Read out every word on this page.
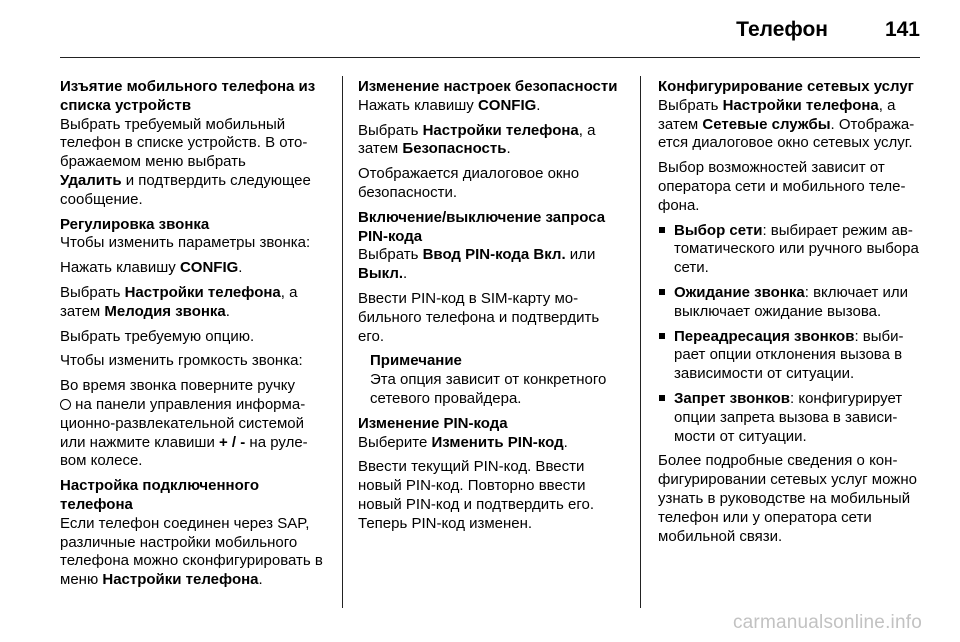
Телефон	141
Изъятие мобильного телефона из списка устройств

Выбрать требуемый мобильный телефон в списке устройств. В отображаемом меню выбрать
Удалить и подтвердить следующее сообщение.

Регулировка звонка

Чтобы изменить параметры звонка:

Нажать клавишу CONFIG.

Выбрать Настройки телефона, а затем Мелодия звонка.

Выбрать требуемую опцию.

Чтобы изменить громкость звонка:

Во время звонка поверните ручку
на панели управления информационно-развлекательной системой или нажмите клавиши + / - на рулевом колесе.

Настройка подключенного телефона

Если телефон соединен через SAP, различные настройки мобильного телефона можно сконфигурировать в меню Настройки телефона.

Изменение настроек безопасности

Нажать клавишу CONFIG.

Выбрать Настройки телефона, а затем Безопасность.

Отображается диалоговое окно безопасности.

Включение/выключение запроса PIN-кода

Выбрать Ввод PIN-кода Вкл. или
Выкл..

Ввести PIN-код в SIM-карту мобильного телефона и подтвердить его.

Примечание
Эта опция зависит от конкретного сетевого провайдера.
Изменение PIN-кода

Выберите Изменить PIN-код.

Ввести текущий PIN-код. Ввести новый PIN-код. Повторно ввести новый PIN-код и подтвердить его. Теперь PIN-код изменен.

Конфигурирование сетевых услуг

Выбрать Настройки телефона, а затем Сетевые службы. Отображается диалоговое окно сетевых услуг.

Выбор возможностей зависит от оператора сети и мобильного телефона.

Выбор сети: выбирает режим автоматического или ручного выбора сети.
Ожидание звонка: включает или выключает ожидание вызова.
Переадресация звонков: выбирает опции отклонения вызова в зависимости от ситуации.
Запрет звонков: конфигурирует опции запрета вызова в зависимости от ситуации.

Более подробные сведения о конфигурировании сетевых услуг можно узнать в руководстве на мобильный телефон или у оператора сети мобильной связи.

carmanualsonline.info
